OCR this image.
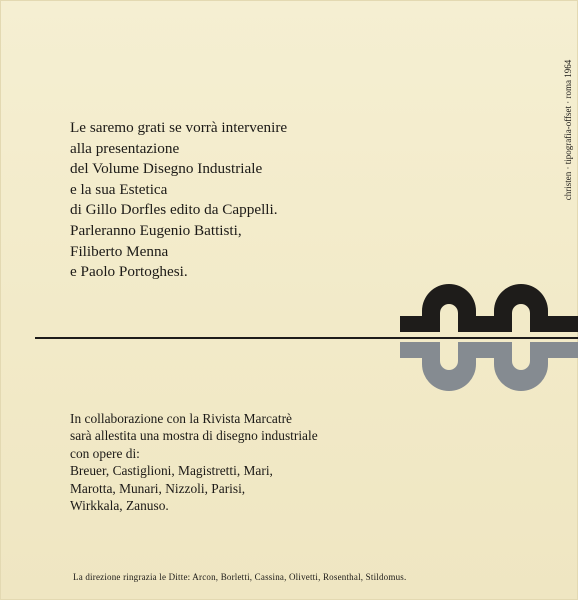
christen · tipografia-offset · roma 1964
Le saremo grati se vorrà intervenire
alla presentazione
del Volume Disegno Industriale
e la sua Estetica
di Gillo Dorfles edito da Cappelli.
Parleranno Eugenio Battisti,
Filiberto Menna
e Paolo Portoghesi.
In collaborazione con la Rivista Marcatrè
sarà allestita una mostra di disegno industriale
con opere di:
Breuer, Castiglioni, Magistretti, Mari,
Marotta, Munari, Nizzoli, Parisi,
Wirkkala, Zanuso.
La direzione ringrazia le Ditte: Arcon, Borletti, Cassina, Olivetti, Rosenthal, Stildomus.
